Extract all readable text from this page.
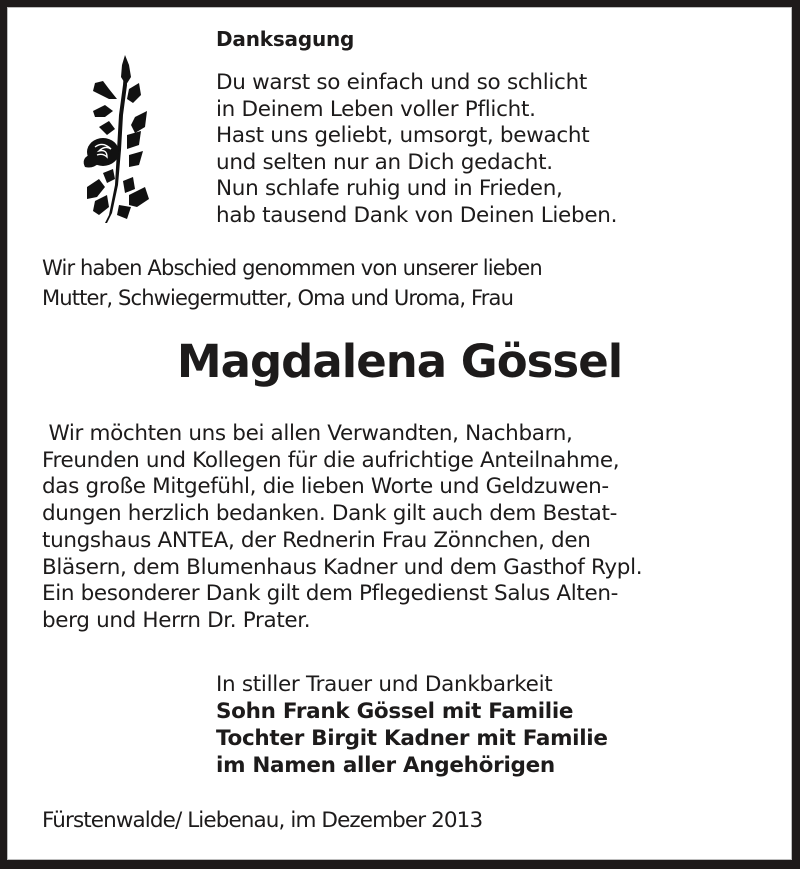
Danksagung
Du warst so einfach und so schlicht
in Deinem Leben voller Pflicht.
Hast uns geliebt, umsorgt, bewacht
und selten nur an Dich gedacht.
Nun schlafe ruhig und in Frieden,
hab tausend Dank von Deinen Lieben.
Wir haben Abschied genommen von unserer lieben
Mutter, Schwiegermutter, Oma und Uroma, Frau
Magdalena Gössel
Wir möchten uns bei allen Verwandten, Nachbarn,
Freunden und Kollegen für die aufrichtige Anteilnahme,
das große Mitgefühl, die lieben Worte und Geldzuwen-
dungen herzlich bedanken. Dank gilt auch dem Bestat-
tungshaus ANTEA, der Rednerin Frau Zönnchen, den
Bläsern, dem Blumenhaus Kadner und dem Gasthof Rypl.
Ein besonderer Dank gilt dem Pflegedienst Salus Alten-
berg und Herrn Dr. Prater.
In stiller Trauer und Dankbarkeit
Sohn Frank Gössel mit Familie
Tochter Birgit Kadner mit Familie
im Namen aller Angehörigen
Fürstenwalde/ Liebenau, im Dezember 2013
